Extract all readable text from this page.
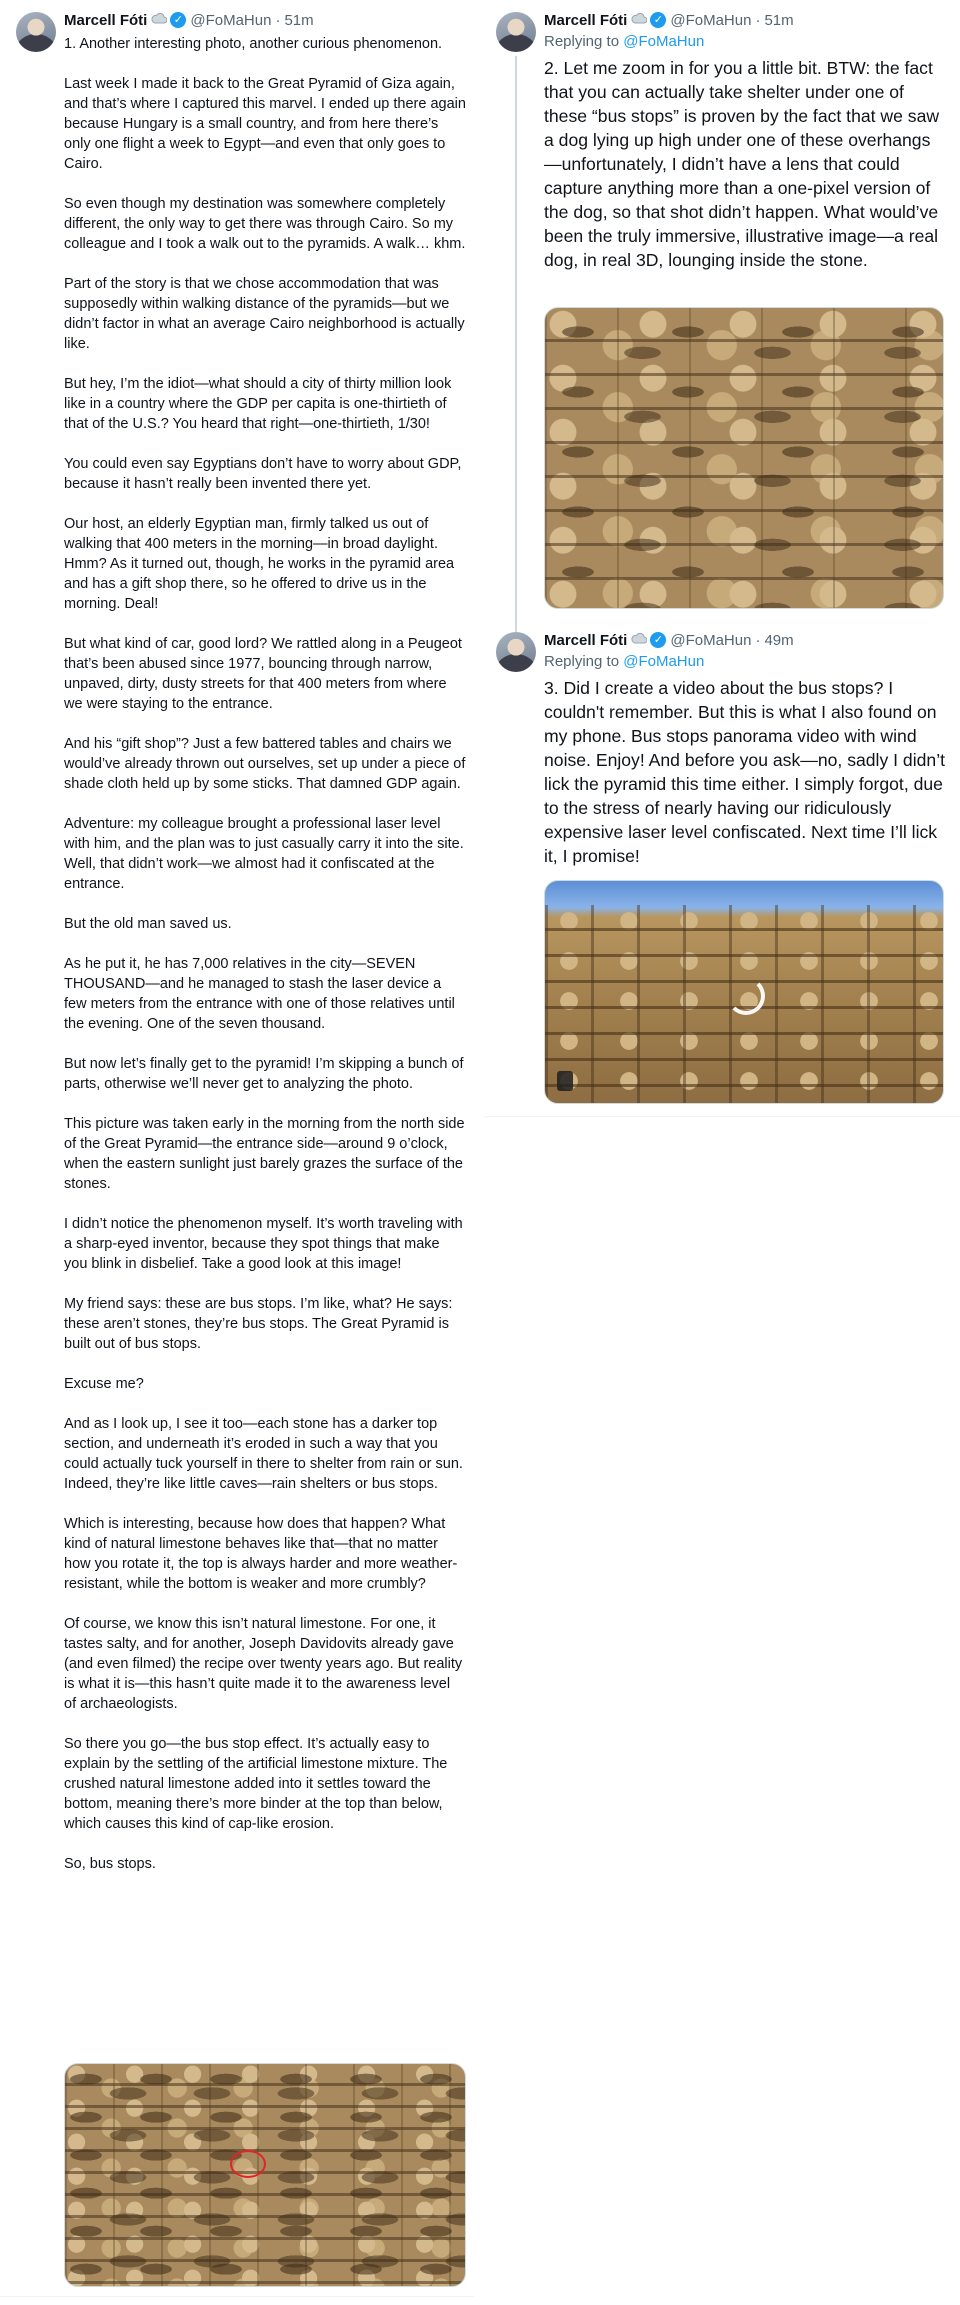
Marcell Fóti	✓ @FoMaHun · 51m

1. Another interesting photo, another curious phenomenon.

Last week I made it back to the Great Pyramid of Giza again, and that’s where I captured this marvel. I ended up there again because Hungary is a small country, and from here there’s only one flight a week to Egypt—and even that only goes to Cairo.

So even though my destination was somewhere completely different, the only way to get there was through Cairo. So my colleague and I took a walk out to the pyramids. A walk… khm.

Part of the story is that we chose accommodation that was supposedly within walking distance of the pyramids—but we didn’t factor in what an average Cairo neighborhood is actually like.

But hey, I’m the idiot—what should a city of thirty million look like in a country where the GDP per capita is one-thirtieth of that of the U.S.? You heard that right—one-thirtieth, 1/30!

You could even say Egyptians don’t have to worry about GDP, because it hasn’t really been invented there yet.

Our host, an elderly Egyptian man, firmly talked us out of walking that 400 meters in the morning—in broad daylight. Hmm? As it turned out, though, he works in the pyramid area and has a gift shop there, so he offered to drive us in the morning. Deal!

But what kind of car, good lord? We rattled along in a Peugeot that’s been abused since 1977, bouncing through narrow, unpaved, dirty, dusty streets for that 400 meters from where we were staying to the entrance.

And his “gift shop”? Just a few battered tables and chairs we would’ve already thrown out ourselves, set up under a piece of shade cloth held up by some sticks. That damned GDP again.

Adventure: my colleague brought a professional laser level with him, and the plan was to just casually carry it into the site. Well, that didn’t work—we almost had it confiscated at the entrance.

But the old man saved us.

As he put it, he has 7,000 relatives in the city—SEVEN THOUSAND—and he managed to stash the laser device a few meters from the entrance with one of those relatives until the evening. One of the seven thousand.

But now let’s finally get to the pyramid! I’m skipping a bunch of parts, otherwise we’ll never get to analyzing the photo.

This picture was taken early in the morning from the north side of the Great Pyramid—the entrance side—around 9 o’clock, when the eastern sunlight just barely grazes the surface of the stones.

I didn’t notice the phenomenon myself. It’s worth traveling with a sharp-eyed inventor, because they spot things that make you blink in disbelief. Take a good look at this image!

My friend says: these are bus stops. I’m like, what? He says: these aren’t stones, they’re bus stops. The Great Pyramid is built out of bus stops.

Excuse me?

And as I look up, I see it too—each stone has a darker top section, and underneath it’s eroded in such a way that you could actually tuck yourself in there to shelter from rain or sun. Indeed, they’re like little caves—rain shelters or bus stops.

Which is interesting, because how does that happen? What kind of natural limestone behaves like that—that no matter how you rotate it, the top is always harder and more weather-resistant, while the bottom is weaker and more crumbly?

Of course, we know this isn’t natural limestone. For one, it tastes salty, and for another, Joseph Davidovits already gave (and even filmed) the recipe over twenty years ago. But reality is what it is—this hasn’t quite made it to the awareness level of archaeologists.

So there you go—the bus stop effect. It’s actually easy to explain by the settling of the artificial limestone mixture. The crushed natural limestone added into it settles toward the bottom, meaning there’s more binder at the top than below, which causes this kind of cap-like erosion.

So, bus stops.

Marcell Fóti	✓ @FoMaHun · 51m
Replying to @FoMaHun

2. Let me zoom in for you a little bit. BTW: the fact that you can actually take shelter under one of these “bus stops” is proven by the fact that we saw a dog lying up high under one of these overhangs—unfortunately, I didn’t have a lens that could capture anything more than a one-pixel version of the dog, so that shot didn’t happen. What would’ve been the truly immersive, illustrative image—a real dog, in real 3D, lounging inside the stone.

Marcell Fóti	✓ @FoMaHun · 49m
Replying to @FoMaHun

3. Did I create a video about the bus stops? I couldn't remember. But this is what I also found on my phone. Bus stops panorama video with wind noise. Enjoy! And before you ask—no, sadly I didn’t lick the pyramid this time either. I simply forgot, due to the stress of nearly having our ridiculously expensive laser level confiscated. Next time I’ll lick it, I promise!
